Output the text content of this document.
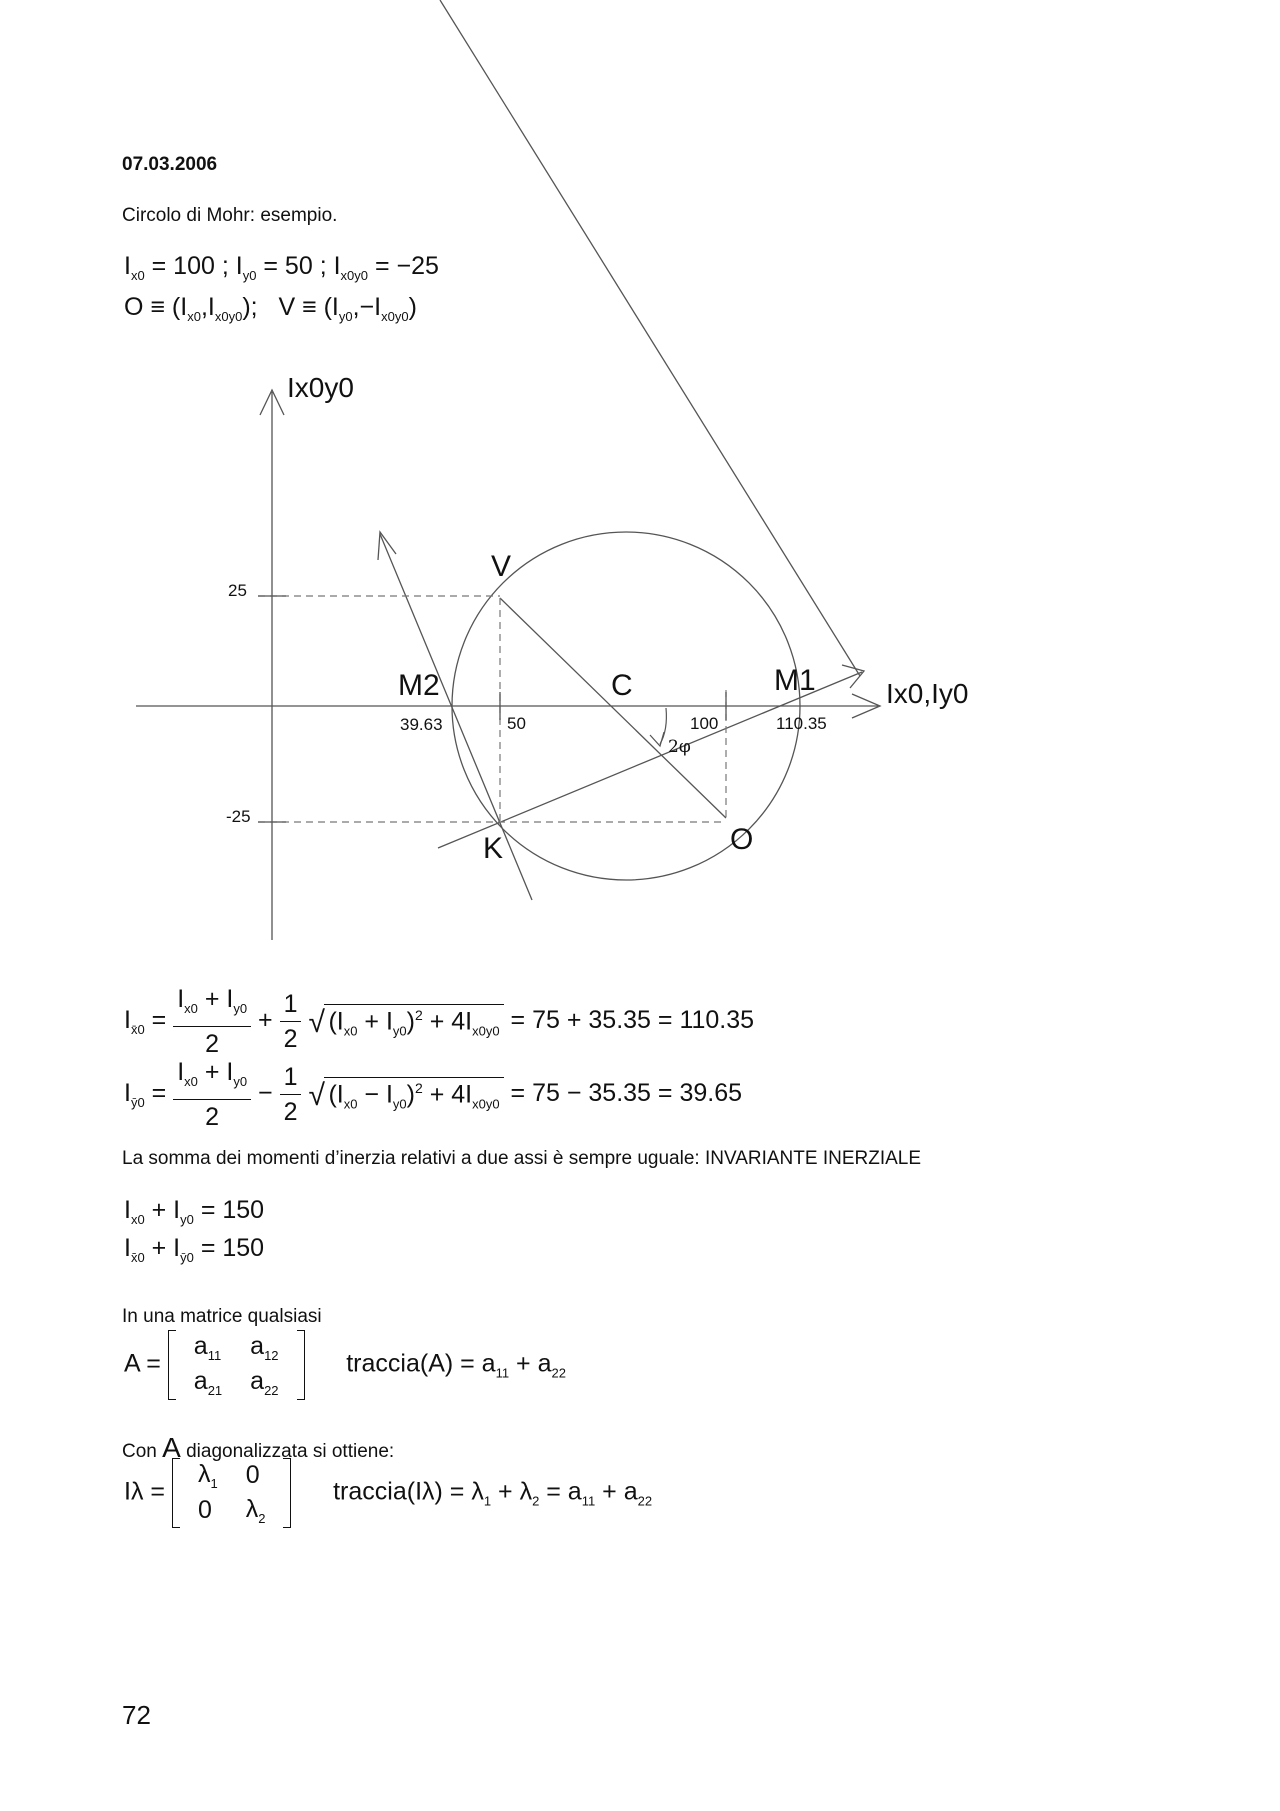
07.03.2006
Circolo di Mohr: esempio.
$I_{x0} = 100$ ; $I_{y0} = 50$ ; $I_{x0y0} = -25$
$O \equiv (I_{x0},I_{x0y0})$; $V \equiv (I_{y0},-I_{x0y0})$
Ix0y0
Ix0,Iy0
25
-25
39.63	50	100	110.35
V
C	M1
M2
K	O
2φ
$I_{x̄0} = \frac{I_{x0} + I_{y0}}{2} + \frac{1}{2}$
√ $(I_{x0} + I_{y0})^2 + 4I_{x0y0} = 75 + 35.35 = 110.35$
$I_{ȳ0} = \frac{I_{x0} + I_{y0}}{2} - \frac{1}{2}$
√ $(I_{x0} - I_{y0})^2 + 4I_{x0y0} = 75 - 35.35 = 39.65$
La somma dei momenti d’inerzia relativi a due assi è sempre uguale: INVARIANTE INERZIALE
$I_{x0} + I_{y0} = 150$
$I_{x̄0} + I_{ȳ0} = 150$
In una matrice qualsiasi
A =
$a_{11}$	$a_{12}$
$a_{21}$	$a_{22}$
traccia(A) = $a_{11} + a_{22}$
Con A diagonalizzata si ottiene:
Iλ =
$\lambda_1$	0
0	$\lambda_2$
traccia(Iλ) = $\lambda_1 + \lambda_2 = a_{11} + a_{22}$
72
